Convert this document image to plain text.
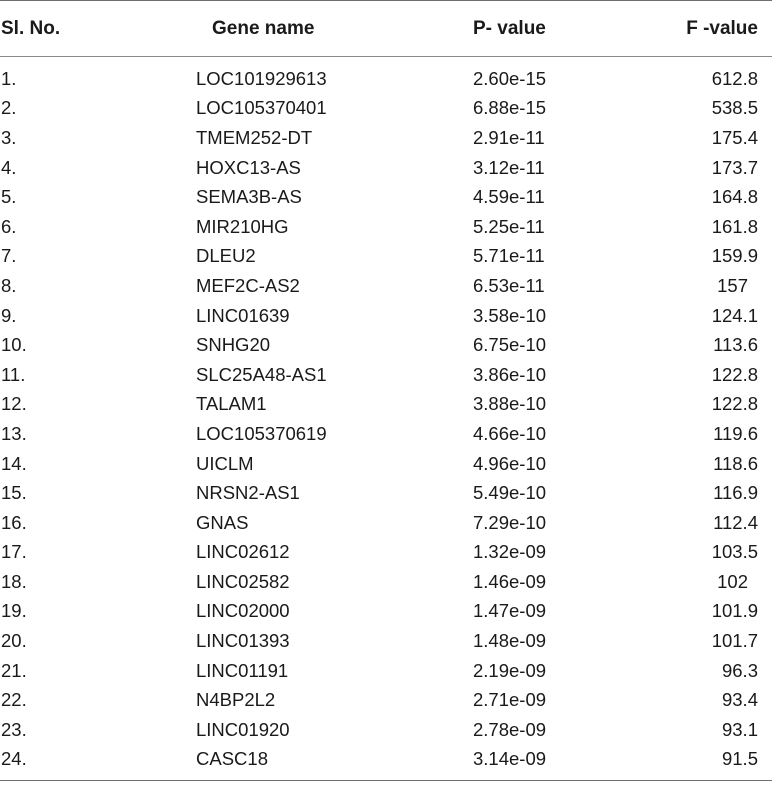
Sl. No.	Gene name	P- value	F -value
1.	LOC101929613	2.60e-15	612.8
2.	LOC105370401	6.88e-15	538.5
3.	TMEM252-DT	2.91e-11	175.4
4.	HOXC13-AS	3.12e-11	173.7
5.	SEMA3B-AS	4.59e-11	164.8
6.	MIR210HG	5.25e-11	161.8
7.	DLEU2	5.71e-11	159.9
8.	MEF2C-AS2	6.53e-11	157
9.	LINC01639	3.58e-10	124.1
10.	SNHG20	6.75e-10	113.6
11.	SLC25A48-AS1	3.86e-10	122.8
12.	TALAM1	3.88e-10	122.8
13.	LOC105370619	4.66e-10	119.6
14.	UICLM	4.96e-10	118.6
15.	NRSN2-AS1	5.49e-10	116.9
16.	GNAS	7.29e-10	112.4
17.	LINC02612	1.32e-09	103.5
18.	LINC02582	1.46e-09	102
19.	LINC02000	1.47e-09	101.9
20.	LINC01393	1.48e-09	101.7
21.	LINC01191	2.19e-09	96.3
22.	N4BP2L2	2.71e-09	93.4
23.	LINC01920	2.78e-09	93.1
24.	CASC18	3.14e-09	91.5
